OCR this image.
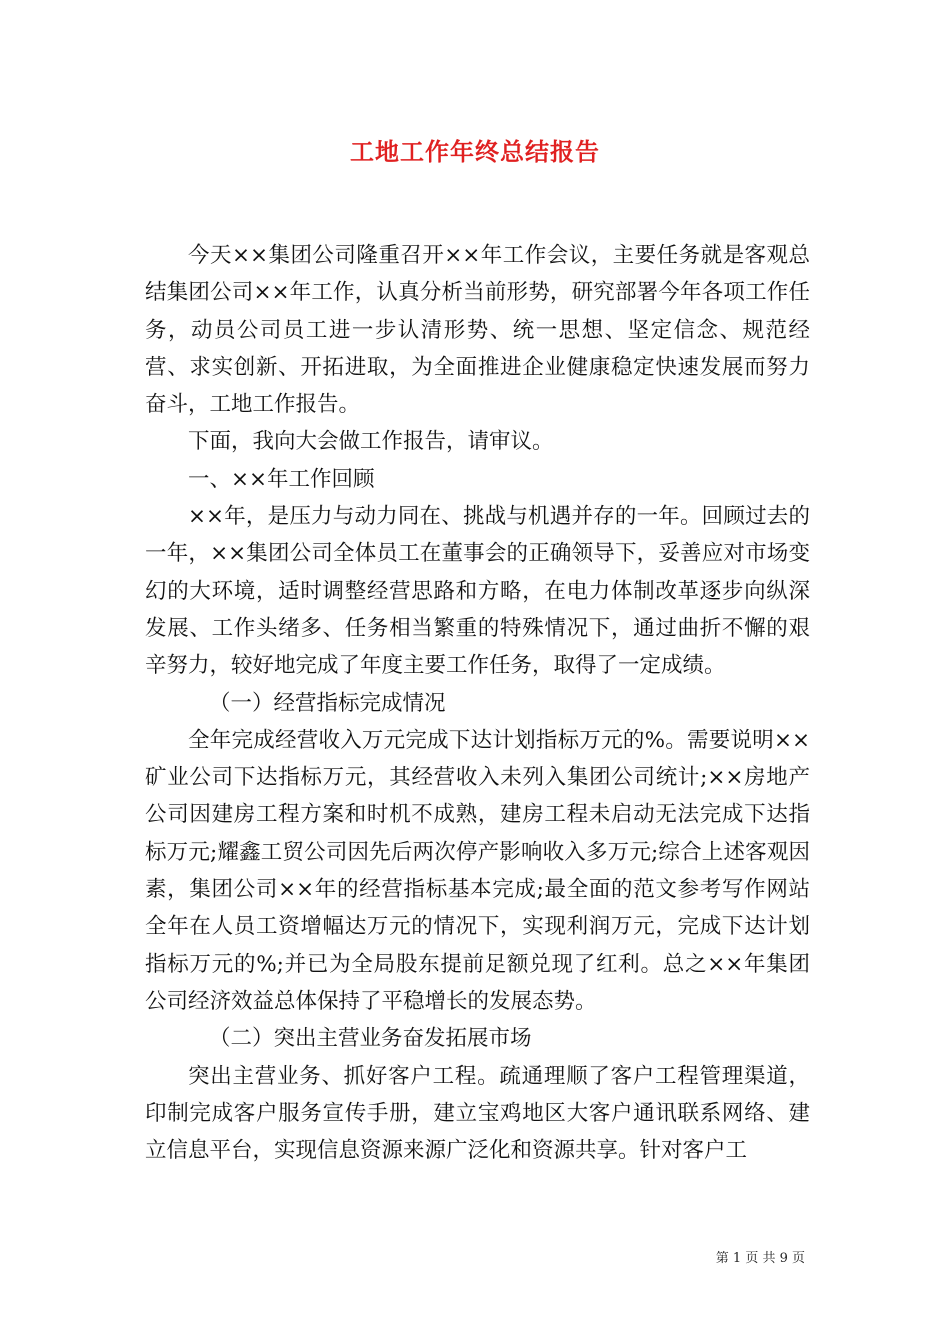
工地工作年终总结报告

今天××集团公司隆重召开××年工作会议，主要任务就是客观总结集团公司××年工作，认真分析当前形势，研究部署今年各项工作任务，动员公司员工进一步认清形势、统一思想、坚定信念、规范经营、求实创新、开拓进取，为全面推进企业健康稳定快速发展而努力奋斗，工地工作报告。

下面，我向大会做工作报告，请审议。

一、××年工作回顾

××年，是压力与动力同在、挑战与机遇并存的一年。回顾过去的一年，××集团公司全体员工在董事会的正确领导下，妥善应对市场变幻的大环境，适时调整经营思路和方略，在电力体制改革逐步向纵深发展、工作头绪多、任务相当繁重的特殊情况下，通过曲折不懈的艰辛努力，较好地完成了年度主要工作任务，取得了一定成绩。

（一）经营指标完成情况

全年完成经营收入万元完成下达计划指标万元的%。需要说明××矿业公司下达指标万元，其经营收入未列入集团公司统计;××房地产公司因建房工程方案和时机不成熟，建房工程未启动无法完成下达指标万元;耀鑫工贸公司因先后两次停产影响收入多万元;综合上述客观因素，集团公司××年的经营指标基本完成;最全面的范文参考写作网站全年在人员工资增幅达万元的情况下，实现利润万元，完成下达计划指标万元的%;并已为全局股东提前足额兑现了红利。总之××年集团公司经济效益总体保持了平稳增长的发展态势。

（二）突出主营业务奋发拓展市场

突出主营业务、抓好客户工程。疏通理顺了客户工程管理渠道，印制完成客户服务宣传手册，建立宝鸡地区大客户通讯联系网络、建立信息平台，实现信息资源来源广泛化和资源共享。针对客户工

第 1 页 共 9 页
